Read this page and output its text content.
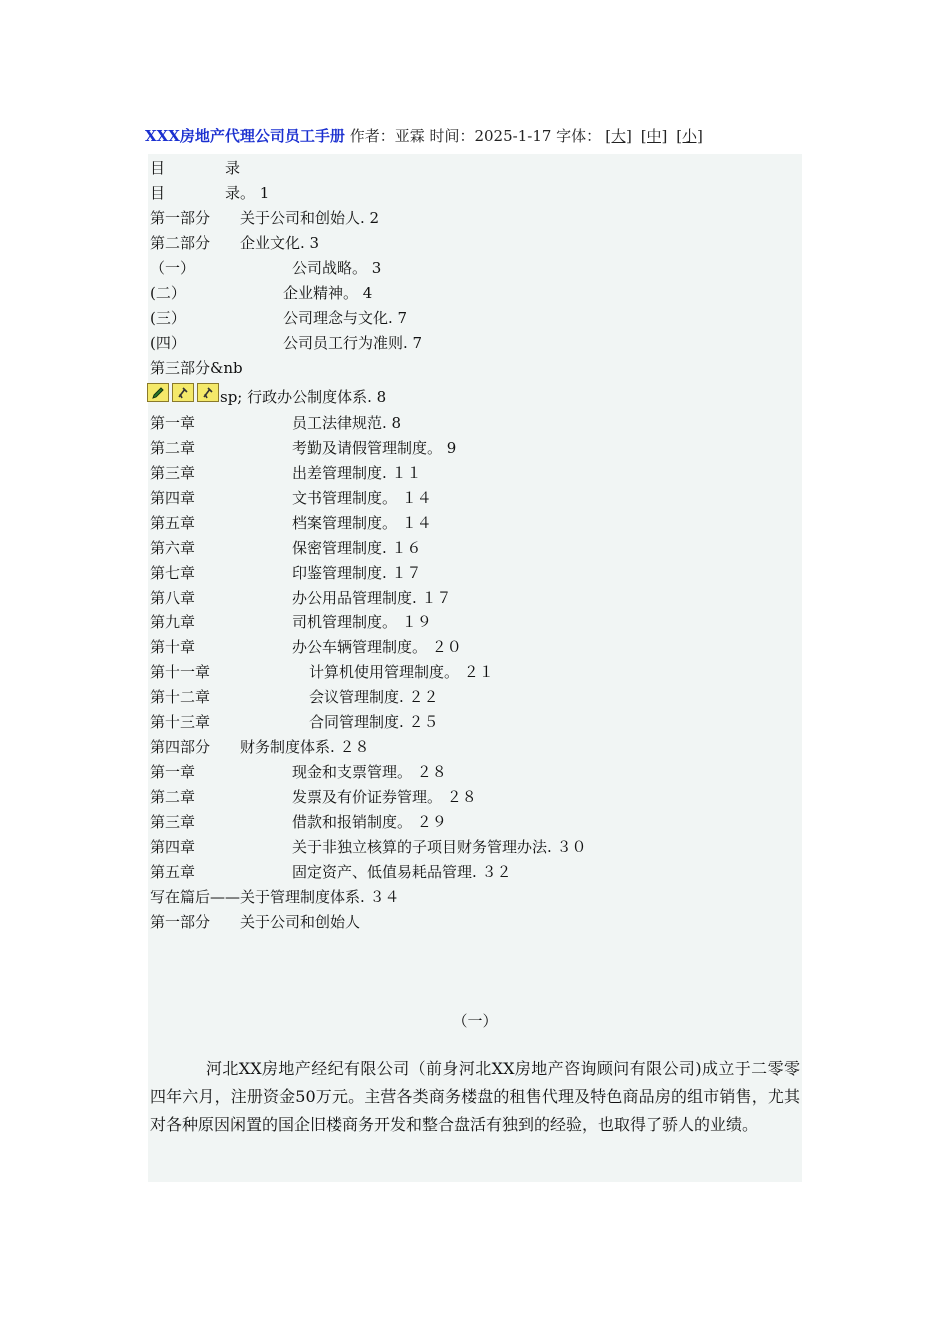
XXX房地产代理公司员工手册 作者：亚霖 时间：2025-1-17 字体： [大] [中] [小]
目	录
目	录。 1
第一部分 关于公司和创始人. 2
第二部分 企业文化. 3
（一）	公司战略。 3
(二）	企业精神。 4
(三）	公司理念与文化. 7
(四）	公司员工行为准则. 7
第三部分&nb
sp; 行政办公制度体系. 8
第一章	员工法律规范. 8
第二章	考勤及请假管理制度。 9
第三章	出差管理制度. １１
第四章	文书管理制度。 １４
第五章	档案管理制度。 １４
第六章	保密管理制度. １６
第七章	印鉴管理制度. １７
第八章	办公用品管理制度. １７
第九章	司机管理制度。 １９
第十章	办公车辆管理制度。 ２０
第十一章	计算机使用管理制度。 ２１
第十二章	会议管理制度. ２２
第十三章	合同管理制度. ２５
第四部分 财务制度体系. ２８
第一章	现金和支票管理。 ２８
第二章	发票及有价证券管理。 ２８
第三章	借款和报销制度。 ２９
第四章	关于非独立核算的子项目财务管理办法. ３０
第五章	固定资产、低值易耗品管理. ３２
写在篇后——关于管理制度体系. ３４
第一部分 关于公司和创始人
（一）
河北XX房地产经纪有限公司（前身河北XX房地产咨询顾问有限公司)成立于二零零四年六月，注册资金50万元。主营各类商务楼盘的租售代理及特色商品房的组市销售，尤其对各种原因闲置的国企旧楼商务开发和整合盘活有独到的经验，也取得了骄人的业绩。
